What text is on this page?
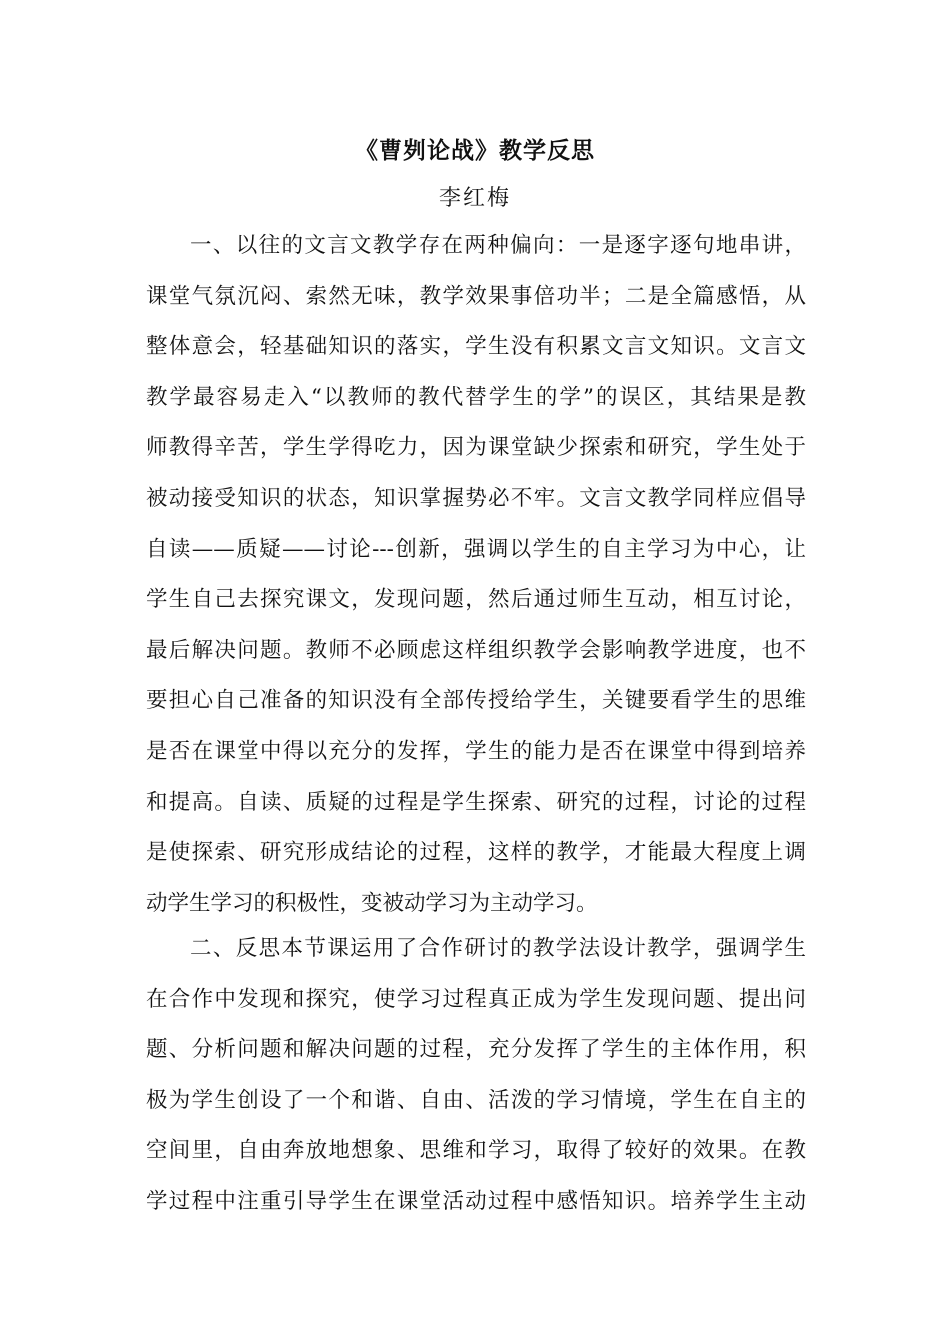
《曹刿论战》教学反思
李红梅
一、以往的文言文教学存在两种偏向：一是逐字逐句地串讲，
课堂气氛沉闷、索然无味，教学效果事倍功半；二是全篇感悟，从
整体意会，轻基础知识的落实，学生没有积累文言文知识。文言文
教学最容易走入“以教师的教代替学生的学”的误区，其结果是教
师教得辛苦，学生学得吃力，因为课堂缺少探索和研究，学生处于
被动接受知识的状态，知识掌握势必不牢。文言文教学同样应倡导
自读——质疑——讨论---创新，强调以学生的自主学习为中心，让
学生自己去探究课文，发现问题，然后通过师生互动，相互讨论，
最后解决问题。教师不必顾虑这样组织教学会影响教学进度，也不
要担心自己准备的知识没有全部传授给学生，关键要看学生的思维
是否在课堂中得以充分的发挥，学生的能力是否在课堂中得到培养
和提高。自读、质疑的过程是学生探索、研究的过程，讨论的过程
是使探索、研究形成结论的过程，这样的教学，才能最大程度上调
动学生学习的积极性，变被动学习为主动学习。
二、反思本节课运用了合作研讨的教学法设计教学，强调学生
在合作中发现和探究，使学习过程真正成为学生发现问题、提出问
题、分析问题和解决问题的过程，充分发挥了学生的主体作用，积
极为学生创设了一个和谐、自由、活泼的学习情境，学生在自主的
空间里，自由奔放地想象、思维和学习，取得了较好的效果。在教
学过程中注重引导学生在课堂活动过程中感悟知识。培养学生主动
